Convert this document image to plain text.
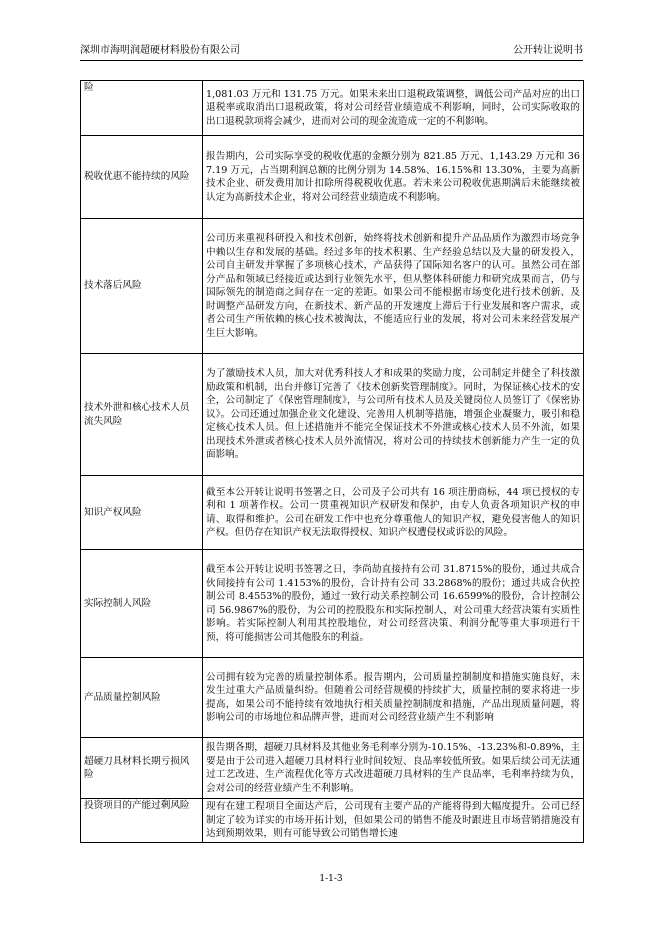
深圳市海明润超硬材料股份有限公司	公开转让说明书
险	1,081.03 万元和 131.75 万元。如果未来出口退税政策调整，调低公司产品对应的出口退税率或取消出口退税政策，将对公司经营业绩造成不利影响，同时，公司实际收取的出口退税款项将会减少，进而对公司的现金流造成一定的不利影响。
税收优惠不能持续的风险	报告期内，公司实际享受的税收优惠的金额分别为 821.85 万元、1,143.29 万元和 367.19 万元，占当期利润总额的比例分别为 14.58%、16.15%和 13.30%，主要为高新技术企业、研发费用加计扣除所得税税收优惠。若未来公司税收优惠期满后未能继续被认定为高新技术企业，将对公司经营业绩造成不利影响。
技术落后风险	公司历来重视科研投入和技术创新，始终将技术创新和提升产品品质作为激烈市场竞争中赖以生存和发展的基础。经过多年的技术积累、生产经验总结以及大量的研发投入，公司自主研发并掌握了多项核心技术，产品获得了国际知名客户的认可。虽然公司在部分产品和领域已经接近或达到行业领先水平，但从整体科研能力和研究成果而言，仍与国际领先的制造商之间存在一定的差距。如果公司不能根据市场变化进行技术创新、及时调整产品研发方向，在新技术、新产品的开发速度上滞后于行业发展和客户需求，或者公司生产所依赖的核心技术被淘汰，不能适应行业的发展，将对公司未来经营发展产生巨大影响。
技术外泄和核心技术人员流失风险	为了激励技术人员，加大对优秀科技人才和成果的奖励力度，公司制定并健全了科技激励政策和机制，出台并修订完善了《技术创新奖管理制度》。同时，为保证核心技术的安全，公司制定了《保密管理制度》，与公司所有技术人员及关键岗位人员签订了《保密协议》。公司还通过加强企业文化建设、完善用人机制等措施，增强企业凝聚力，吸引和稳定核心技术人员。但上述措施并不能完全保证技术不外泄或核心技术人员不外流，如果出现技术外泄或者核心技术人员外流情况，将对公司的持续技术创新能力产生一定的负面影响。
知识产权风险	截至本公开转让说明书签署之日，公司及子公司共有 16 项注册商标，44 项已授权的专利和 1 项著作权。公司一贯重视知识产权研发和保护，由专人负责各项知识产权的申请、取得和维护。公司在研发工作中也充分尊重他人的知识产权，避免侵害他人的知识产权。但仍存在知识产权无法取得授权、知识产权遭侵权或诉讼的风险。
实际控制人风险	截至本公开转让说明书签署之日，李尚劼直接持有公司 31.8715%的股份，通过共成合伙间接持有公司 1.4153%的股份，合计持有公司 33.2868%的股份；通过共成合伙控制公司 8.4553%的股份，通过一致行动关系控制公司 16.6599%的股份，合计控制公司 56.9867%的股份，为公司的控股股东和实际控制人，对公司重大经营决策有实质性影响。若实际控制人利用其控股地位，对公司经营决策、利润分配等重大事项进行干预，将可能损害公司其他股东的利益。
产品质量控制风险	公司拥有较为完善的质量控制体系。报告期内，公司质量控制制度和措施实施良好，未发生过重大产品质量纠纷。但随着公司经营规模的持续扩大，质量控制的要求将进一步提高，如果公司不能持续有效地执行相关质量控制制度和措施，产品出现质量问题，将影响公司的市场地位和品牌声誉，进而对公司经营业绩产生不利影响
超硬刀具材料长期亏损风险	报告期各期，超硬刀具材料及其他业务毛利率分别为-10.15%、-13.23%和-0.89%，主要是由于公司进入超硬刀具材料行业时间较短、良品率较低所致。如果后续公司无法通过工艺改进、生产流程优化等方式改进超硬刀具材料的生产良品率，毛利率持续为负，会对公司的经营业绩产生不利影响。
投资项目的产能过剩风险	现有在建工程项目全面达产后，公司现有主要产品的产能将得到大幅度提升。公司已经制定了较为详实的市场开拓计划，但如果公司的销售不能及时跟进且市场营销措施没有达到预期效果，则有可能导致公司销售增长速
1-1-3
